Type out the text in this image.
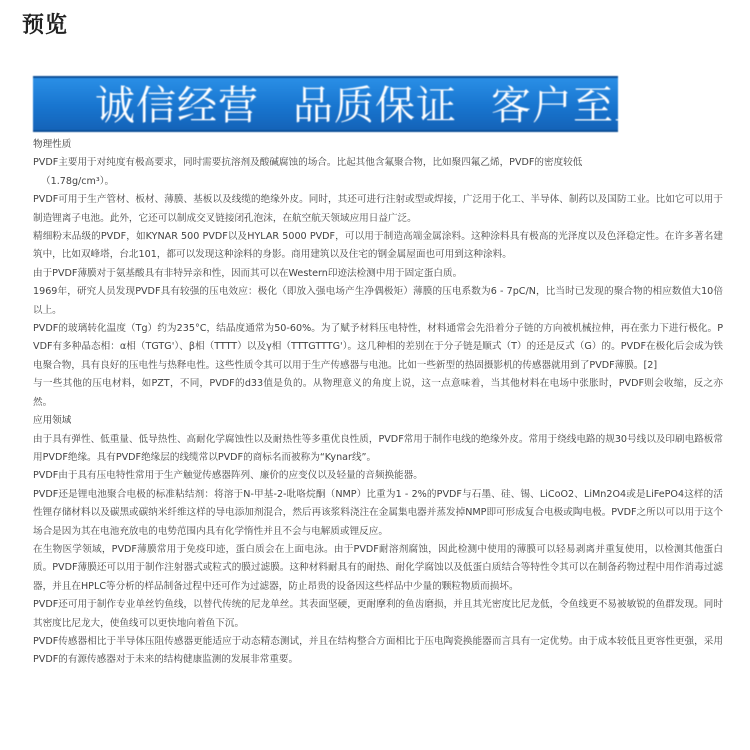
预览
诚信经营 品质保证 客户至上

物理性质

PVDF主要用于对纯度有极高要求，同时需要抗溶剂及酸碱腐蚀的场合。比起其他含氟聚合物，比如聚四氟乙烯，PVDF的密度较低

（1.78g/cm³）。

PVDF可用于生产管材、板材、薄膜、基板以及线缆的绝缘外皮。同时，其还可进行注射或型或焊接，广泛用于化工、半导体、制药以及国防工业。比如它可以用于制造锂离子电池。此外，它还可以制成交叉链接闭孔泡沫，在航空航天领域应用日益广泛。

精细粉末品级的PVDF，如KYNAR 500 PVDF以及HYLAR 5000 PVDF，可以用于制造高端金属涂料。这种涂料具有极高的光泽度以及色泽稳定性。在许多著名建筑中，比如双峰塔，台北101，都可以发现这种涂料的身影。商用建筑以及住宅的钢金属屋面也可用到这种涂料。

由于PVDF薄膜对于氨基酸具有非特异亲和性，因而其可以在Western印迹法检测中用于固定蛋白质。

1969年，研究人员发现PVDF具有较强的压电效应：极化（即放入强电场产生净偶极矩）薄膜的压电系数为6 - 7pC/N，比当时已发现的聚合物的相应数值大10倍以上。

PVDF的玻璃转化温度（Tg）约为235°C，结晶度通常为50-60%。为了赋予材料压电特性，材料通常会先沿着分子链的方向被机械拉伸，再在张力下进行极化。PVDF有多种晶态相：α相（TGTG'）、β相（TTTT）以及γ相（TTTGTTTG'）。这几种相的差别在于分子链是顺式（T）的还是反式（G）的。PVDF在极化后会成为铁电聚合物，具有良好的压电性与热释电性。这些性质令其可以用于生产传感器与电池。比如一些新型的热固摄影机的传感器就用到了PVDF薄膜。[2]

与一些其他的压电材料，如PZT，不同，PVDF的d33值是负的。从物理意义的角度上说，这一点意味着，当其他材料在电场中张胀时，PVDF则会收缩，反之亦然。

应用领域

由于具有弹性、低重量、低导热性、高耐化学腐蚀性以及耐热性等多重优良性质，PVDF常用于制作电线的绝缘外皮。常用于绕线电路的规30号线以及印刷电路板常用PVDF绝缘。具有PVDF绝缘层的线缆常以PVDF的商标名而被称为“Kynar线”。

PVDF由于具有压电特性常用于生产触觉传感器阵列、廉价的应变仪以及轻量的音频换能器。

PVDF还是锂电池聚合电极的标准粘结剂：将溶于N-甲基-2-吡咯烷酮（NMP）比重为1 - 2%的PVDF与石墨、硅、锡、LiCoO2、LiMn2O4或是LiFePO4这样的活性锂存储材料以及碳黑或碳纳米纤维这样的导电添加剂混合，然后再该浆料浇注在金属集电器并蒸发掉NMP即可形成复合电极或陶电极。PVDF之所以可以用于这个场合是因为其在电池充放电的电势范围内具有化学惰性并且不会与电解质或锂反应。

在生物医学领域，PVDF薄膜常用于免疫印迹，蛋白质会在上面电泳。由于PVDF耐溶剂腐蚀，因此检测中使用的薄膜可以轻易剥离并重复使用，以检测其他蛋白质。PVDF薄膜还可以用于制作注射器式或粒式的膜过滤膜。这种材料耐具有的耐热、耐化学腐蚀以及低蛋白质结合等特性令其可以在制备药物过程中用作消毒过滤器，并且在HPLC等分析的样品制备过程中还可作为过滤器，防止昂贵的设备因这些样品中少量的颗粒物质而损坏。

PVDF还可用于制作专业单丝钓鱼线，以替代传统的尼龙单丝。其表面坚硬，更耐摩利的鱼齿磨损，并且其光密度比尼龙低，令鱼线更不易被敏锐的鱼群发现。同时其密度比尼龙大，使鱼线可以更快地向着鱼下沉。

PVDF传感器相比于半导体压阻传感器更能适应于动态精态测试，并且在结构整合方面相比于压电陶瓷换能器而言具有一定优势。由于成本较低且更容性更强，采用PVDF的有源传感器对于未来的结构健康监测的发展非常重要。
